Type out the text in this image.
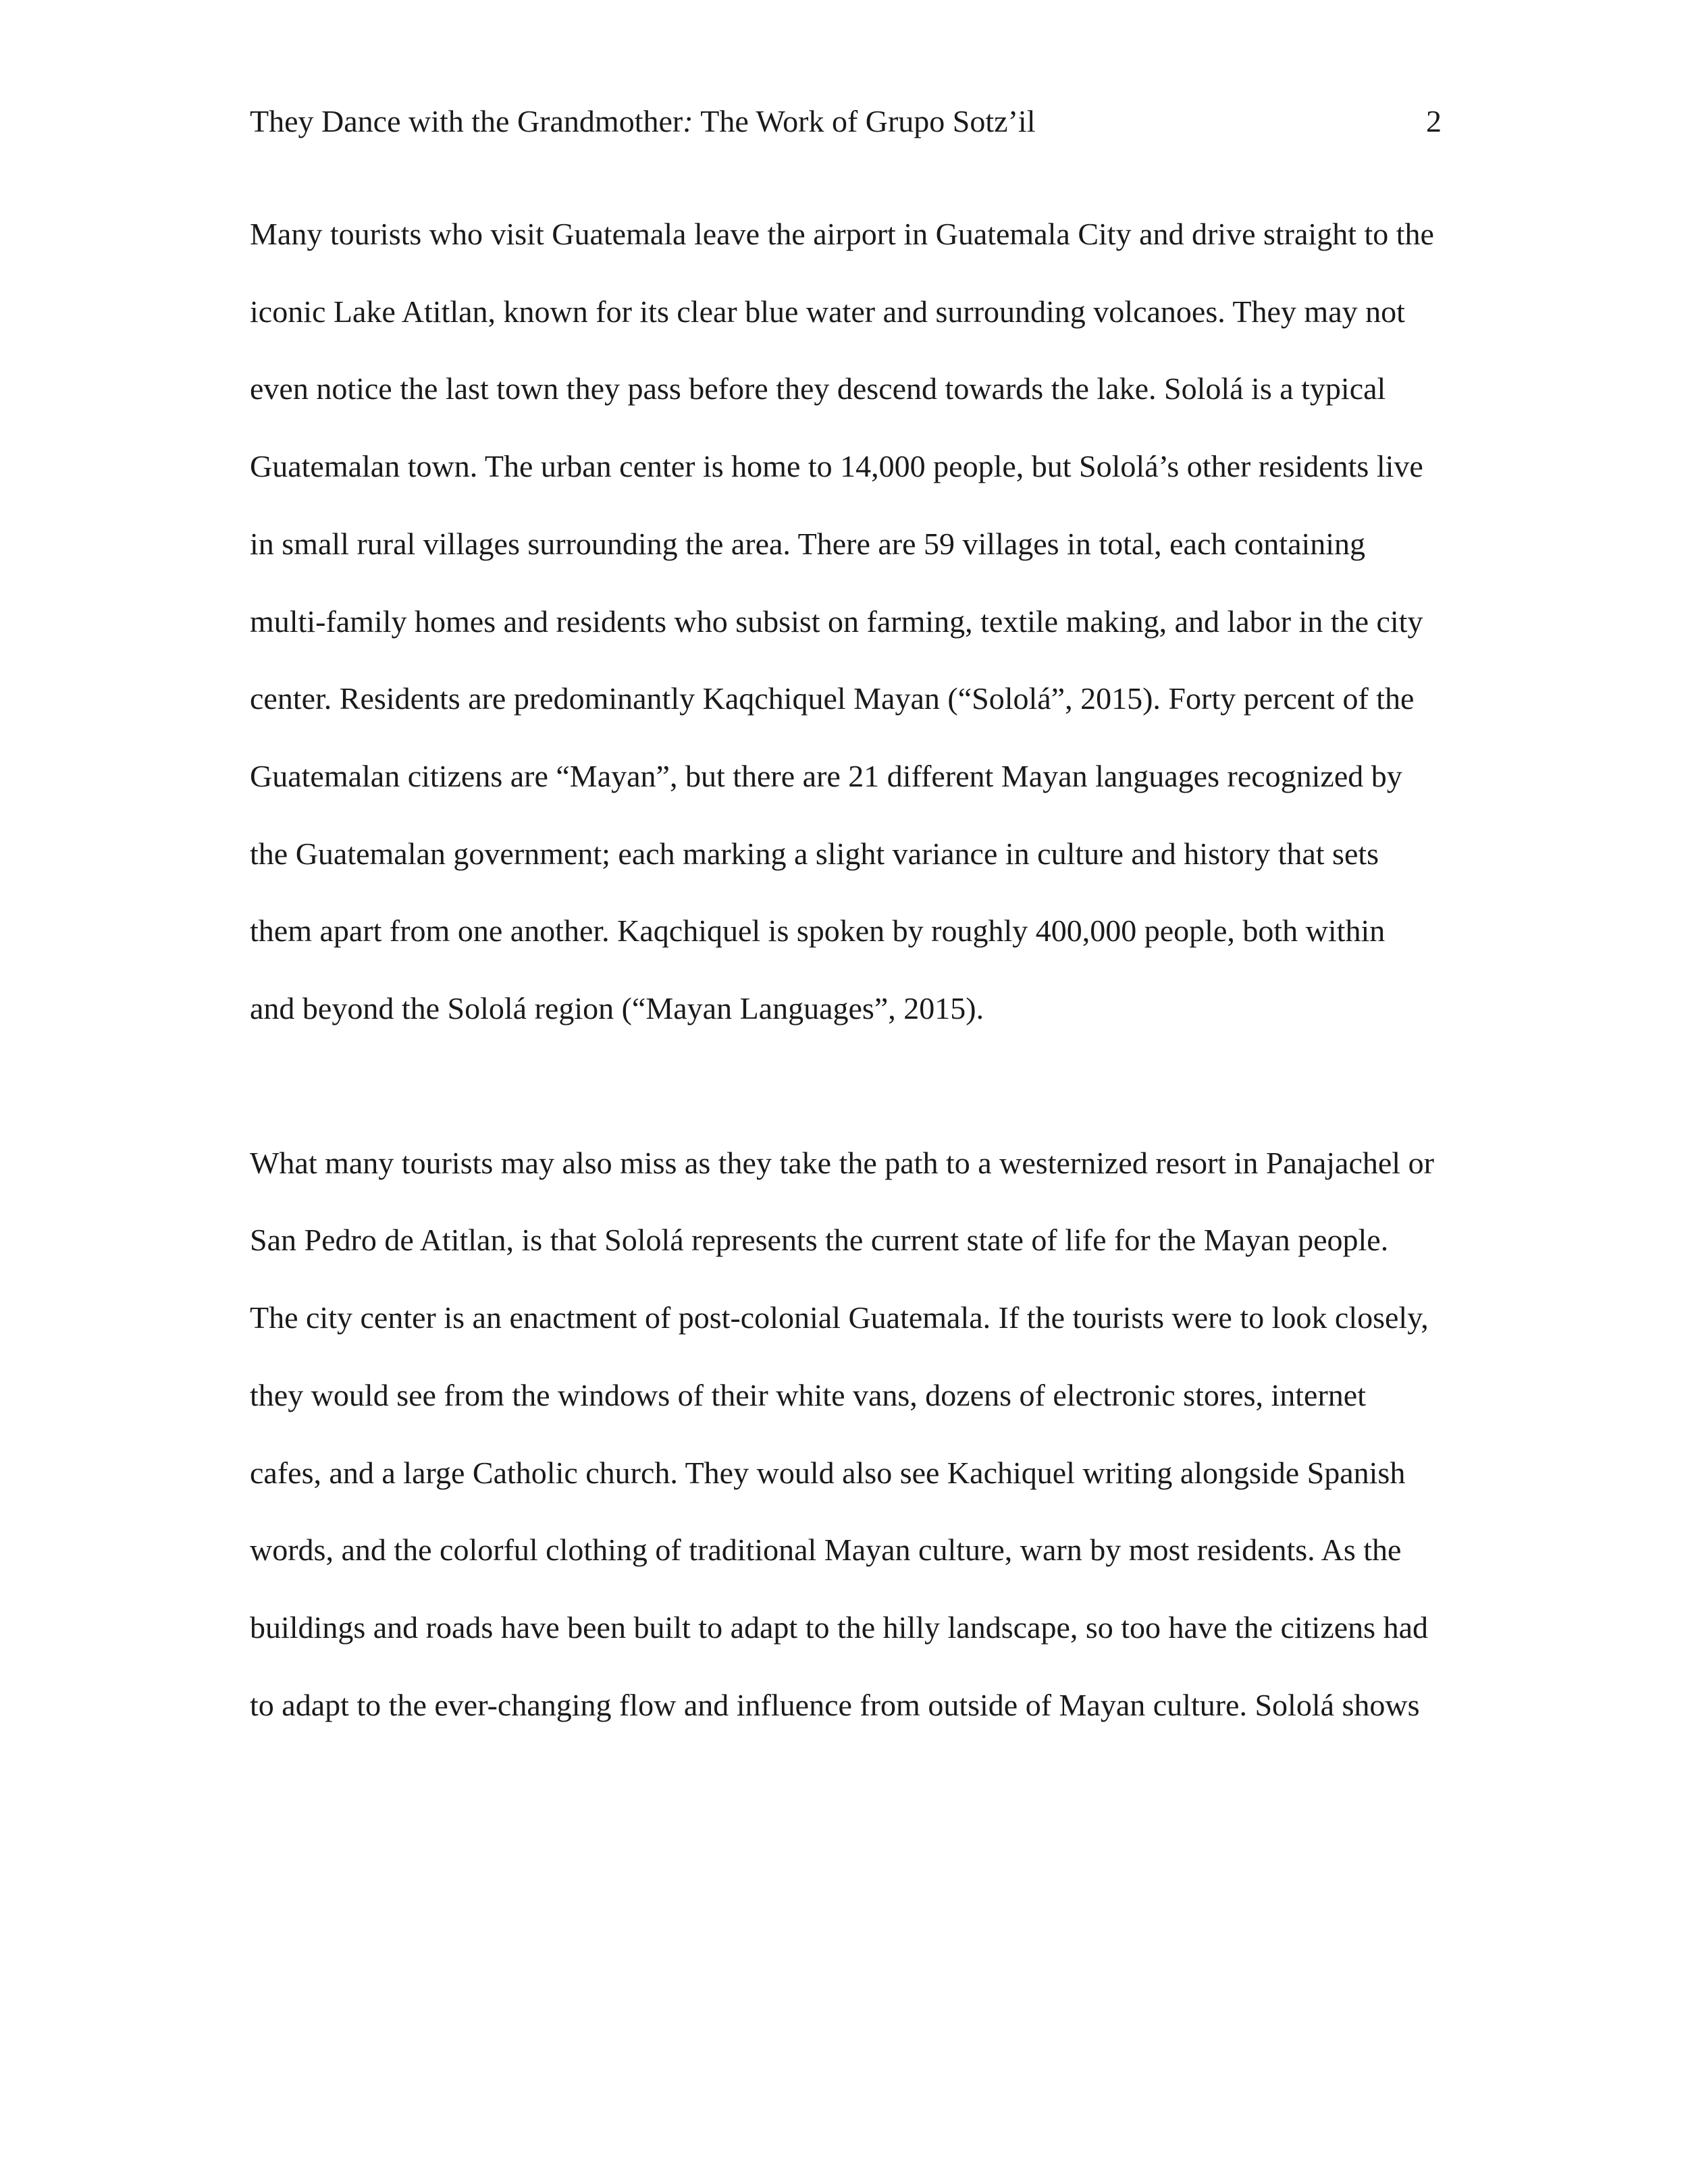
They Dance with the Grandmother: The Work of Grupo Sotz’il	2

Many tourists who visit Guatemala leave the airport in Guatemala City and drive straight to the iconic Lake Atitlan, known for its clear blue water and surrounding volcanoes. They may not even notice the last town they pass before they descend towards the lake. Sololá is a typical Guatemalan town. The urban center is home to 14,000 people, but Sololá’s other residents live in small rural villages surrounding the area. There are 59 villages in total, each containing multi-family homes and residents who subsist on farming, textile making, and labor in the city center. Residents are predominantly Kaqchiquel Mayan (“Sololá”, 2015). Forty percent of the Guatemalan citizens are “Mayan”, but there are 21 different Mayan languages recognized by the Guatemalan government; each marking a slight variance in culture and history that sets them apart from one another. Kaqchiquel is spoken by roughly 400,000 people, both within and beyond the Sololá region (“Mayan Languages”, 2015).

What many tourists may also miss as they take the path to a westernized resort in Panajachel or San Pedro de Atitlan, is that Sololá represents the current state of life for the Mayan people. The city center is an enactment of post-colonial Guatemala. If the tourists were to look closely, they would see from the windows of their white vans, dozens of electronic stores, internet cafes, and a large Catholic church. They would also see Kachiquel writing alongside Spanish words, and the colorful clothing of traditional Mayan culture, warn by most residents. As the buildings and roads have been built to adapt to the hilly landscape, so too have the citizens had to adapt to the ever-changing flow and influence from outside of Mayan culture. Sololá shows
